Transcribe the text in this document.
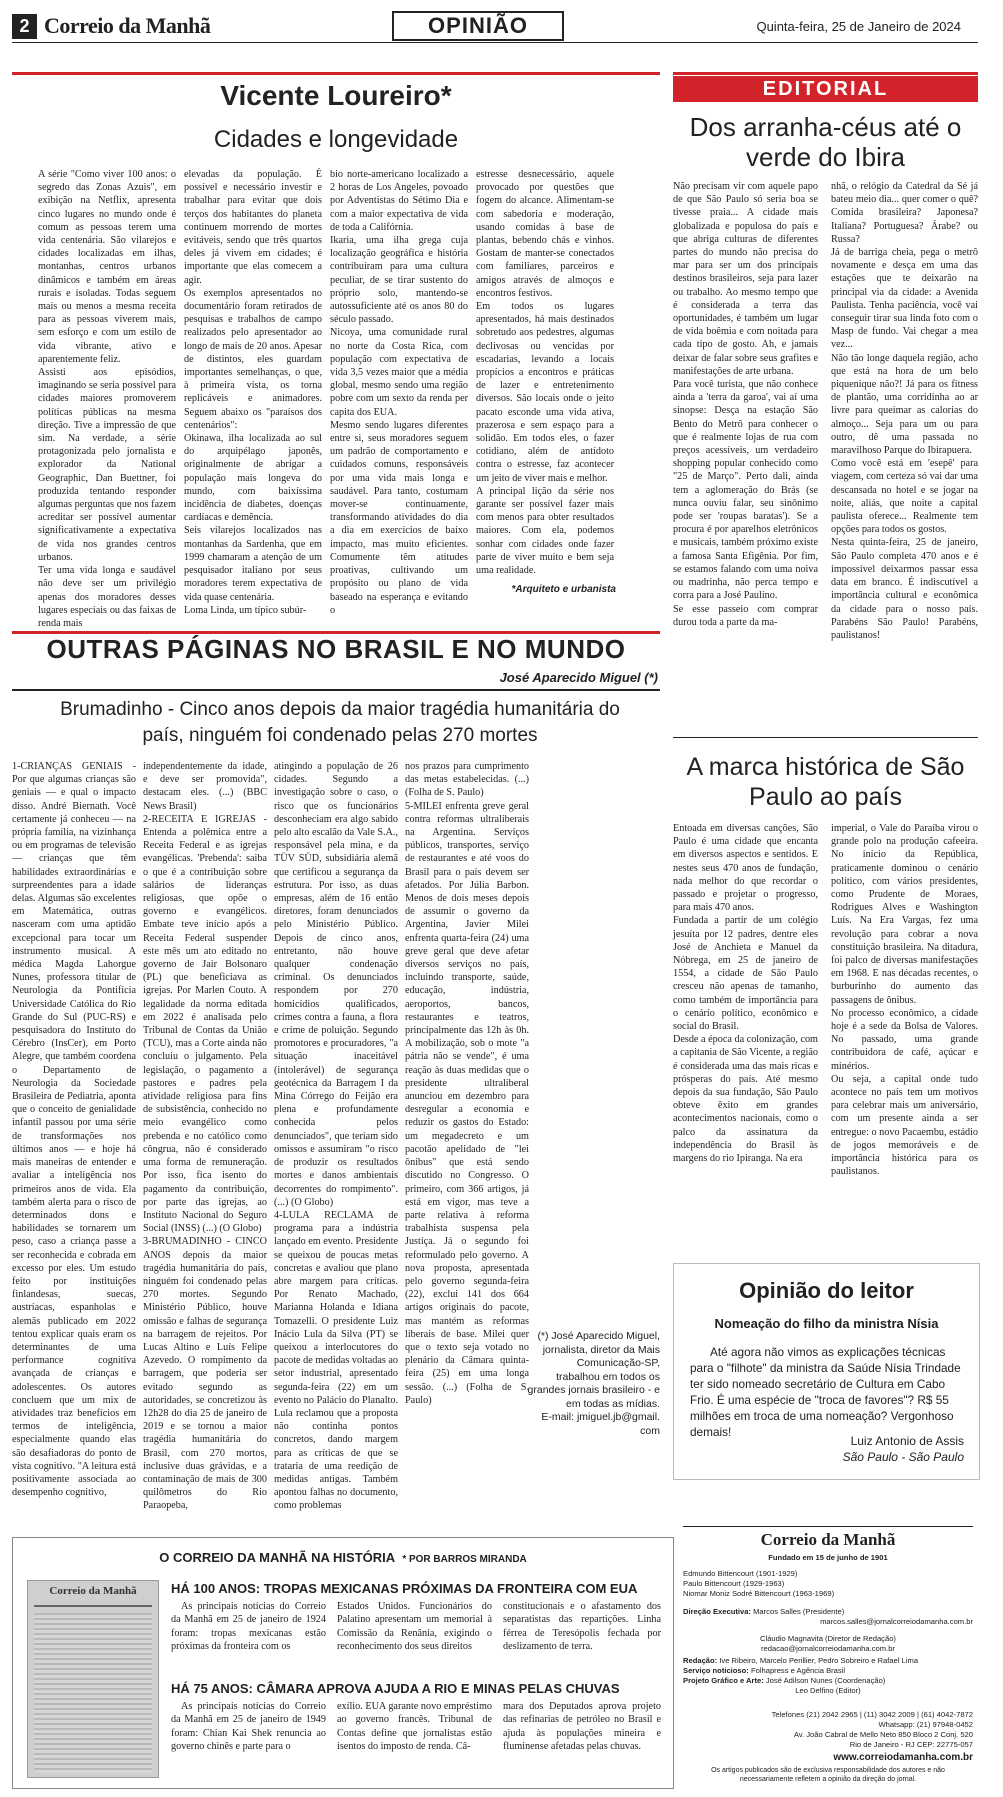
2 Correio da Manhã	OPINIÃO	Quinta-feira, 25 de Janeiro de 2024
Vicente Loureiro*
Cidades e longevidade
A série "Como viver 100 anos: o segredo das Zonas Azuis", em exibição na Netflix, apresenta cinco lugares no mundo onde é comum as pessoas terem uma vida centenária. São vilarejos e cidades localizadas em ilhas, montanhas, centros urbanos dinâmicos e também em áreas rurais e isoladas. Todas seguem mais ou menos a mesma receita para as pessoas viverem mais, sem esforço e com um estilo de vida vibrante, ativo e aparentemente feliz.
Assisti aos episódios, imaginando se seria possível para cidades maiores promoverem políticas públicas na mesma direção. Tive a impressão de que sim. Na verdade, a série protagonizada pelo jornalista e explorador da National Geographic, Dan Buettner, foi produzida tentando responder algumas perguntas que nos fazem acreditar ser possível aumentar significativamente a expectativa de vida nos grandes centros urbanos.
Ter uma vida longa e saudável não deve ser um privilégio apenas dos moradores desses lugares especiais ou das faixas de renda mais
elevadas da população. É possível e necessário investir e trabalhar para evitar que dois terços dos habitantes do planeta continuem morrendo de mortes evitáveis, sendo que três quartos deles já vivem em cidades; é importante que elas comecem a agir.
Os exemplos apresentados no documentário foram retirados de pesquisas e trabalhos de campo realizados pelo apresentador ao longo de mais de 20 anos. Apesar de distintos, eles guardam importantes semelhanças, o que, à primeira vista, os torna replicáveis e animadores. Seguem abaixo os "paraísos dos centenários":
Okinawa, ilha localizada ao sul do arquipélago japonês, originalmente de abrigar a população mais longeva do mundo, com baixíssima incidência de diabetes, doenças cardíacas e demência.
Seis vilarejos localizados nas montanhas da Sardenha, que em 1999 chamaram a atenção de um pesquisador italiano por seus moradores terem expectativa de vida quase centenária.
Loma Linda, um típico subúr-
bio norte-americano localizado a 2 horas de Los Angeles, povoado por Adventistas do Sétimo Dia e com a maior expectativa de vida de toda a Califórnia.
Ikaria, uma ilha grega cuja localização geográfica e história contribuíram para uma cultura peculiar, de se tirar sustento do próprio solo, mantendo-se autossuficiente até os anos 80 do século passado.
Nicoya, uma comunidade rural no norte da Costa Rica, com população com expectativa de vida 3,5 vezes maior que a média global, mesmo sendo uma região pobre com um sexto da renda per capita dos EUA.
Mesmo sendo lugares diferentes entre si, seus moradores seguem um padrão de comportamento e cuidados comuns, responsáveis por uma vida mais longa e saudável. Para tanto, costumam mover-se continuamente, transformando atividades do dia a dia em exercícios de baixo impacto, mas muito eficientes. Comumente têm atitudes proativas, cultivando um propósito ou plano de vida baseado na esperança e evitando o
estresse desnecessário, aquele provocado por questões que fogem do alcance. Alimentam-se com sabedoria e moderação, usando comidas à base de plantas, bebendo chás e vinhos. Gostam de manter-se conectados com familiares, parceiros e amigos através de almoços e encontros festivos.
Em todos os lugares apresentados, há mais destinados sobretudo aos pedestres, algumas declivosas ou vencidas por escadarias, levando a locais propícios a encontros e práticas de lazer e entretenimento diversos. São locais onde o jeito pacato esconde uma vida ativa, prazerosa e sem espaço para a solidão. Em todos eles, o fazer cotidiano, além de antídoto contra o estresse, faz acontecer um jeito de viver mais e melhor.
A principal lição da série nos garante ser possível fazer mais com menos para obter resultados maiores. Com ela, podemos sonhar com cidades onde fazer parte de viver muito e bem seja uma realidade.
*Arquiteto e urbanista
EDITORIAL
Dos arranha-céus até o verde do Ibira
Não precisam vir com aquele papo de que São Paulo só seria boa se tivesse praia... A cidade mais globalizada e populosa do país e que abriga culturas de diferentes partes do mundo não precisa do mar para ser um dos principais destinos brasileiros, seja para lazer ou trabalho. Ao mesmo tempo que é considerada a terra das oportunidades, é também um lugar de vida boêmia e com noitada para cada tipo de gosto. Ah, e jamais deixar de falar sobre seus grafites e manifestações de arte urbana.
Para você turista, que não conhece ainda a 'terra da garoa', vai aí uma sinopse: Desça na estação São Bento do Metrô para conhecer o que é realmente lojas de rua com preços acessíveis, um verdadeiro shopping popular conhecido como "25 de Março". Perto dali, ainda tem a aglomeração do Brás (se nunca ouviu falar, seu sinônimo pode ser 'roupas baratas'). Se a procura é por aparelhos eletrônicos e musicais, também próximo existe a famosa Santa Efigênia. Por fim, se estamos falando com uma noiva ou madrinha, não perca tempo e corra para a José Paulino.
Se esse passeio com comprar durou toda a parte da ma-
nhã, o relógio da Catedral da Sé já bateu meio dia... quer comer o quê? Comida brasileira? Japonesa? Italiana? Portuguesa? Árabe? ou Russa?
Já de barriga cheia, pega o metrô novamente e desça em uma das estações que te deixarão na principal via da cidade: a Avenida Paulista. Tenha paciência, você vai conseguir tirar sua linda foto com o Masp de fundo. Vai chegar a mea vez...
Não tão longe daquela região, acho que está na hora de um belo piquenique não?! Já para os fitness de plantão, uma corridinha ao ar livre para queimar as calorias do almoço... Seja para um ou para outro, dê uma passada no maravilhoso Parque do Ibirapuera.
Como você está em 'esepê' para viagem, com certeza só vai dar uma descansada no hotel e se jogar na noite, aliás, que noite a capital paulista oferece... Realmente tem opções para todos os gostos.
Nesta quinta-feira, 25 de janeiro, São Paulo completa 470 anos e é impossível deixarmos passar essa data em branco. É indiscutível a importância cultural e econômica da cidade para o nosso país. Parabéns São Paulo! Parabéns, paulistanos!
A marca histórica de São Paulo ao país
Entoada em diversas canções, São Paulo é uma cidade que encanta em diversos aspectos e sentidos. E nestes seus 470 anos de fundação, nada melhor do que recordar o passado e projetar o progresso, para mais 470 anos.
Fundada a partir de um colégio jesuíta por 12 padres, dentre eles José de Anchieta e Manuel da Nóbrega, em 25 de janeiro de 1554, a cidade de São Paulo cresceu não apenas de tamanho, como também de importância para o cenário político, econômico e social do Brasil.
Desde a época da colonização, com a capitania de São Vicente, a região é considerada uma das mais ricas e prósperas do país. Até mesmo depois da sua fundação, São Paulo obteve êxito em grandes acontecimentos nacionais, como o palco da assinatura da independência do Brasil às margens do rio Ipiranga. Na era
imperial, o Vale do Paraíba virou o grande polo na produção cafeeira. No início da República, praticamente dominou o cenário político, com vários presidentes, como Prudente de Moraes, Rodrigues Alves e Washington Luís. Na Era Vargas, fez uma revolução para cobrar a nova constituição brasileira. Na ditadura, foi palco de diversas manifestações em 1968. E nas décadas recentes, o burburinho do aumento das passagens de ônibus.
No processo econômico, a cidade hoje é a sede da Bolsa de Valores. No passado, uma grande contribuidora de café, açúcar e minérios.
Ou seja, a capital onde tudo acontece no país tem um motivos para celebrar mais um aniversário, com um presente ainda a ser entregue: o novo Pacaembu, estádio de jogos memoráveis e de importância histórica para os paulistanos.
OUTRAS PÁGINAS NO BRASIL E NO MUNDO
José Aparecido Miguel (*)
Brumadinho - Cinco anos depois da maior tragédia humanitária do país, ninguém foi condenado pelas 270 mortes
1-CRIANÇAS GENIAIS - Por que algumas crianças são geniais — e qual o impacto disso. André Biernath. Você certamente já conheceu — na própria família, na vizinhança ou em programas de televisão — crianças que têm habilidades extraordinárias e surpreendentes para a idade delas. Algumas são excelentes em Matemática, outras nasceram com uma aptidão excepcional para tocar um instrumento musical. A médica Magda Lahorgue Nunes, professora titular de Neurologia da Pontifícia Universidade Católica do Rio Grande do Sul (PUC-RS) e pesquisadora do Instituto do Cérebro (InsCer), em Porto Alegre, que também coordena o Departamento de Neurologia da Sociedade Brasileira de Pediatria, aponta que o conceito de genialidade infantil passou por uma série de transformações nos últimos anos — e hoje há mais maneiras de entender e avaliar a inteligência nos primeiros anos de vida. Ela também alerta para o risco de determinados dons e habilidades se tornarem um peso, caso a criança passe a ser reconhecida e cobrada em excesso por eles. Um estudo feito por instituições finlandesas, suecas, austríacas, espanholas e alemãs publicado em 2022 tentou explicar quais eram os determinantes de uma performance cognitiva avançada de crianças e adolescentes. Os autores concluem que um mix de atividades traz benefícios em termos de inteligência, especialmente quando elas são desafiadoras do ponto de vista cognitivo. "A leitura está positivamente associada ao desempenho cognitivo,
independentemente da idade, e deve ser promovida", destacam eles. (...) (BBC News Brasil)
2-RECEITA E IGREJAS - Entenda a polêmica entre a Receita Federal e as igrejas evangélicas. 'Prebenda': saiba o que é a contribuição sobre salários de lideranças religiosas, que opõe o governo e evangélicos. Embate teve início após a Receita Federal suspender este mês um ato editado no governo de Jair Bolsonaro (PL) que beneficiava as igrejas. Por Marlen Couto. A legalidade da norma editada em 2022 é analisada pelo Tribunal de Contas da União (TCU), mas a Corte ainda não concluiu o julgamento. Pela legislação, o pagamento a pastores e padres pela atividade religiosa para fins de subsistência, conhecido no meio evangélico como prebenda e no católico como côngrua, não é considerado uma forma de remuneração. Por isso, fica isento do pagamento da contribuição, por parte das igrejas, ao Instituto Nacional do Seguro Social (INSS) (...) (O Globo)
3-BRUMADINHO - CINCO ANOS depois da maior tragédia humanitária do país, ninguém foi condenado pelas 270 mortes. Segundo Ministério Público, houve omissão e falhas de segurança na barragem de rejeitos. Por Lucas Altino e Luís Felipe Azevedo. O rompimento da barragem, que poderia ser evitado segundo as autoridades, se concretizou às 12h28 do dia 25 de janeiro de 2019 e se tornou a maior tragédia humanitária do Brasil, com 270 mortos, inclusive duas grávidas, e a contaminação de mais de 300 quilômetros do Rio Paraopeba,
atingindo a população de 26 cidades. Segundo a investigação sobre o caso, o risco que os funcionários desconheciam era algo sabido pelo alto escalão da Vale S.A., responsável pela mina, e da TÜV SÜD, subsidiária alemã que certificou a segurança da estrutura. Por isso, as duas empresas, além de 16 então diretores, foram denunciados pelo Ministério Público. Depois de cinco anos, entretanto, não houve qualquer condenação criminal. Os denunciados respondem por 270 homicídios qualificados, crimes contra a fauna, a flora e crime de poluição. Segundo promotores e procuradores, "a situação inaceitável (intolerável) de segurança geotécnica da Barragem I da Mina Córrego do Feijão era plena e profundamente conhecida pelos denunciados", que teriam sido omissos e assumiram "o risco de produzir os resultados mortes e danos ambientais decorrentes do rompimento". (...) (O Globo)
4-LULA RECLAMA de programa para a indústria lançado em evento. Presidente se queixou de poucas metas concretas e avaliou que plano abre margem para críticas. Por Renato Machado, Marianna Holanda e Idiana Tomazelli. O presidente Luiz Inácio Lula da Silva (PT) se queixou a interlocutores do pacote de medidas voltadas ao setor industrial, apresentado segunda-feira (22) em um evento no Palácio do Planalto. Lula reclamou que a proposta não continha pontos concretos, dando margem para as críticas de que se trataria de uma reedição de medidas antigas. Também apontou falhas no documento, como problemas
nos prazos para cumprimento das metas estabelecidas. (...) (Folha de S. Paulo)
5-MILEI enfrenta greve geral contra reformas ultraliberais na Argentina. Serviços públicos, transportes, serviço de restaurantes e até voos do Brasil para o país devem ser afetados. Por Júlia Barbon. Menos de dois meses depois de assumir o governo da Argentina, Javier Milei enfrenta quarta-feira (24) uma greve geral que deve afetar diversos serviços no país, incluindo transporte, saúde, educação, indústria, aeroportos, bancos, restaurantes e teatros, principalmente das 12h às 0h. A mobilização, sob o mote "a pátria não se vende", é uma reação às duas medidas que o presidente ultraliberal anunciou em dezembro para desregular a economia e reduzir os gastos do Estado: um megadecreto e um pacotão apelidado de "lei ônibus" que está sendo discutido no Congresso. O primeiro, com 366 artigos, já está em vigor, mas teve a parte relativa à reforma trabalhista suspensa pela Justiça. Já o segundo foi reformulado pelo governo. A nova proposta, apresentada pelo governo segunda-feira (22), exclui 141 dos 664 artigos originais do pacote, mas mantém as reformas liberais de base. Milei quer que o texto seja votado no plenário da Câmara quinta-feira (25) em uma longa sessão. (...) (Folha de S. Paulo)
(*) José Aparecido Miguel,
jornalista, diretor da Mais
Comunicação-SP,
trabalhou em todos os
grandes jornais brasileiro - e
em todas as mídias.
E-mail: jmiguel.jb@gmail.
com
Opinião do leitor
Nomeação do filho da ministra Nísia
Até agora não vimos as explicações técnicas para o "filhote" da ministra da Saúde Nísia Trindade ter sido nomeado secretário de Cultura em Cabo Frio. É uma espécie de "troca de favores"? R$ 55 milhões em troca de uma nomeação? Vergonhoso demais!
Luiz Antonio de Assis
São Paulo - São Paulo
O CORREIO DA MANHÃ NA HISTÓRIA * POR BARROS MIRANDA
Correio da Manhã	HÁ 100 ANOS: TROPAS MEXICANAS PRÓXIMAS DA FRONTEIRA COM EUA
As principais notícias do Correio da Manhã em 25 de janeiro de 1924 foram: tropas mexicanas estão próximas da fronteira com os
Estados Unidos. Funcionários do Palatino apresentam um memorial à Comissão da Renânia, exigindo o reconhecimento dos seus direitos
constitucionais e o afastamento dos separatistas das repartições. Linha férrea de Teresópolis fechada por deslizamento de terra.
HÁ 75 ANOS: CÂMARA APROVA AJUDA A RIO E MINAS PELAS CHUVAS
As principais notícias do Correio da Manhã em 25 de janeiro de 1949 foram: Chian Kai Shek renuncia ao governo chinês e parte para o
exílio. EUA garante novo empréstimo ao governo francês. Tribunal de Contas define que jornalistas estão isentos do imposto de renda. Câ-
mara dos Deputados aprova projeto das refinarias de petróleo no Brasil e ajuda às populações mineira e fluminense afetadas pelas chuvas.
Correio da Manhã
Fundado em 15 de junho de 1901
Edmundo Bittencourt (1901-1929)
Paulo Bittencourt (1929-1963)
Niomar Moniz Sodré Bittencourt (1963-1969)
Direção Executiva: Marcos Salles (Presidente)
marcos.salles@jornalcorreiodamanha.com.br
Cláudio Magnavita (Diretor de Redação)
redacao@jornalcorreiodamanha.com.br
Redação: Ive Ribeiro, Marcelo Perillier, Pedro Sobreiro e Rafael Lima
Serviço noticioso: Folhapress e Agência Brasil
Projeto Gráfico e Arte: José Adilson Nunes (Coordenação)
Leo Delfino (Editor)
Telefones (21) 2042 2965 | (11) 3042 2009 | (61) 4042-7872
Whatsapp: (21) 97948-0452
Av. João Cabral de Mello Neto 850 Bloco 2 Conj. 520
Rio de Janeiro - RJ CEP: 22775-057
www.correiodamanha.com.br
Os artigos publicados são de exclusiva responsabilidade dos autores e não
necessariamente refletem a opinião da direção do jornal.
